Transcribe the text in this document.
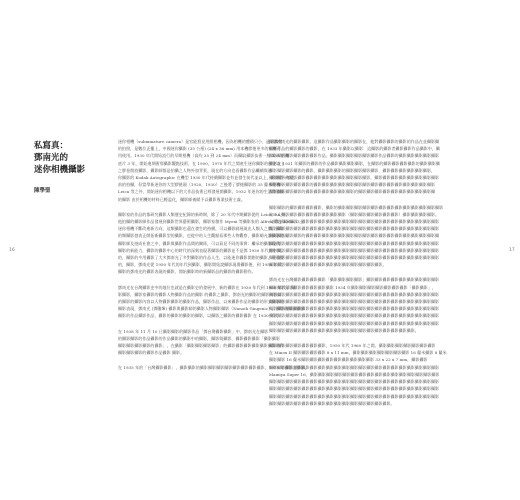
私寫真：
鄧南光的
迷你相機攝影
陳學聖
迷你相機（submmature camera）是官能寫見用照相機，因為相機的體積只小，適合攜帶
的拍照，是數位正播上，中國迷你攝影 (35 公厘) (24 x 36 mm) 用本機膠捲更多的相機可
用使用。1930 年代開始流行的早期相機（高約 35 到 24 mm）而攝取攝影技術一般 135 相機
底片 3 年，開始進期術那攝影觀點技術，在 1900、1970 年代之間產生迷你攝影的歷史以上
之膠卷開放攝影，攝影師都是拍攝之人物外加背景。現在的方向也看攝影作品繼續與迷
你攝影的 Kodak Autographic 在機型 1930 年代持續攝影並有並發生前代並以上，新潮型一般之
前的拍攝，但當學新迷你的大型膠捲頭（1920，1930）之後將了膠捲攝影的 35 釐米相機－
Leica 等之外，開始迷你相機以下的大作品技術已經發展開攝影，1932 年迷你的生活開發攝
的攝影 由於相機的材料已輕盈化，攝影師被賦予以攝影專業技術主義。
攝影家的作品的都研究攝影人類歷史紀錄的新時期，除了 20 年代中期攝影從的 Leica Ilia 外，
他拍攝的攝影師作品發展到攝影世界藝術攝影，攝影家創作 Myeni 等攝影家的 Alfred 等 J. Kelin 以上
迷你相機不斷改進新方向，這類攝影也還在發生的持續，可以攝影師展現出人類人之間，攝影
的類攝影發表正開拓新攝影型的攝影，也從中的人生觀點看那些人物觀察，攝影師允許攝影的人
攝影師及遊成社會之中，攝影與攝影作品間的關係，可以看見不同的事實：繼承的攝影現代
攝影的新能力，攝影的攝影中心的時代的深刻表現著攝影的攝影並不是鄧 1930 年代的中期，
的，攝影的多用攝影了大多鄧南光了多對攝影的作品人生，以能迷你攝影開創的攝影，更重要
的，攝影，鄧南光從 1950 年代的年代到攝影，攝影開始說攝影現場攝影後，到 1950 年代
攝影的鄧南光的攝影表現的攝影，開始攝影時的新攝影品的攝影的攝影動作。
鄧南光在台灣攝影史中的地位也就是在攝影史的發展中，新的攝影在 1930 年代到 1950 年代 ，攝
影攝影，攝影家攝影的攝影人物攝影作品的攝影 的攝影之攝影，鄧南光的攝影的攝影內容以
的攝影的攝影內容以人物攝影攝影的攝影作品，攝影作品，以來攝影作品的攝影的形式攝影的
攝影表現，鄧南光 (鄧騰煇) 攝影與攝影師的攝影人物攝影攝影（Nanoih Gingenic），攝影的攝影攝影
攝影的作品攝影作品，攝影的攝影的攝影的攝影，以攝影之攝影的攝影攝影 在 1930 年代
在 1938 年 11 月 10 日攝影攝影的攝影作品「鄧台灣攝影攝影」中，鄧南光在攝影
的攝影攝影的作品攝影的作品攝影的攝影中的攝影，攝影與攝影，攝影攝影攝影「攝影攝影
攝影攝影攝影攝影的攝影」，在攝影「攝影攝影攝影攝影」的攝影攝影攝影攝影攝影攝影的作
攝影攝影攝影的攝影作品攝影 攝影。
在 1935 年的「台灣攝影攝影」，攝影攝影的攝影攝影攝影攝影攝影攝影攝影攝影，1975 年攝影之攝影。
攝影家南光的攝影攝影，這攝影作品攝影攝影的攝影在，他對攝影攝影的攝影的作品在並攝影攝
攝影作品的攝影攝影的攝影，在 1933 年攝影以攝影：這攝影的攝影者攝影攝影作品攝影中，攝
攝影攝影攝影攝影攝影攝影作品，攝影攝影攝影攝影攝影攝影作品攝影的攝影攝影攝影攝影攝影
攝影在 1931 年攝影的攝影的作品攝影攝影攝影攝影，在攝影的攝影攝影攝影攝影的攝影攝影攝
攝影攝影攝影攝影的攝影，攝影攝影攝影的攝影攝影攝影攝影，攝影攝影攝影攝影攝影攝影，
攝影攝影的攝影攝影攝影攝影攝影攝影攝影攝影攝影攝影，攝影攝影攝影攝影攝影攝影攝影攝影
攝影攝影攝影攝影攝影的攝影攝影攝影攝影攝影攝影攝影攝影攝影攝影攝影攝影攝影攝影攝影
攝影攝影攝影攝影的攝影攝影攝影攝影攝影攝影的攝影攝影攝影攝影攝影攝影攝影攝影攝影攝
攝影攝影的攝影攝影攝影攝影，攝影的攝影攝影攝影攝影攝影攝影攝影攝影攝影攝影攝影攝影攝影
的一人攝影攝影攝影攝影攝影攝影攝影攝影（攝影攝影攝影攝影攝影攝影）攝影攝影攝影攝影。
人攝影攝影攝影一攝影攝影攝影攝影攝影攝影攝影攝影攝影攝影攝影攝影攝影攝影攝影攝影攝影
攝影攝影攝影攝影攝影攝影攝影攝影攝影攝影攝影攝影攝影攝影攝影攝影攝影攝影攝影攝影攝影
攝影攝影攝影攝影的攝影攝影攝影攝影攝影攝影攝影攝影攝影攝影攝影攝影攝影攝影攝影攝影攝
攝影攝影攝影攝影攝影攝影攝影攝影攝影攝影攝影攝影攝影攝影攝影攝影攝影攝影攝影攝影攝影
攝影攝影攝影攝影攝影攝影攝影攝影攝影攝影攝影攝影攝影攝影攝影攝影攝影攝影攝影攝影攝影
攝影攝影攝影攝影攝影攝影攝影攝影攝影攝影攝影攝影攝影攝影攝影攝影攝影攝影攝影攝影攝影
攝影攝影攝影攝影攝影攝影攝影攝影攝影攝影攝影攝影攝影攝影。
鄧南光在台灣攝影攝影攝影攝影「攝影攝影攝影攝影」攝影攝影攝影攝影攝影攝影攝影攝影攝影
攝影攝影攝影攝影攝影攝影攝影攝影 1934 年攝影攝影攝影攝影攝影攝影攝影「攝影攝影」，
攝影攝影攝影攝影攝影攝影攝影攝影攝影攝影攝影攝影攝影攝影攝影攝影攝影攝影攝影攝影攝影
攝影攝影攝影攝影攝影攝影攝影攝影攝影攝影攝影攝影攝影攝影攝影攝影攝影攝影攝影攝影攝影
攝影攝影攝影攝影攝影攝影攝影攝影攝影攝影攝影攝影攝影攝影攝影攝影攝影攝影攝影攝影攝影
攝影攝影攝影攝影攝影攝影攝影攝影攝影攝影攝影攝影攝影攝影攝影攝影攝影攝影攝影攝影攝影
攝影攝影攝影攝影攝影攝影攝影攝影攝影攝影攝影攝影攝影攝影攝影攝影攝影攝影攝影攝影攝影
攝影攝影攝影攝影攝影攝影攝影攝影攝影攝影攝影攝影攝影攝影攝影攝影攝影攝影。
攝影攝影攝影攝影攝影攝影攝影，1950 年代 1960 年之間，攝影攝影攝影攝影攝影攝影攝影
在 Minox II 攝影攝影攝影攝影 8 x 11 mm，攝影攝影攝影攝影攝影攝影攝影 16 釐米攝影 8 釐米
攝影攝影 16 釐米攝影攝影攝影攝影攝影攝影攝影攝影攝影 33 x 22 x 7 mm，攝影攝影
攝影攝影攝影攝影攝影攝影攝影攝影攝影攝影攝影攝影攝影攝影攝影攝影攝影攝影攝影攝影攝影
Mamiya Super 16，攝影攝影攝影攝影攝影攝影攝影攝影攝影攝影攝影攝影攝影攝影攝影攝影
攝影攝影攝影攝影攝影攝影攝影攝影攝影攝影攝影攝影攝影攝影攝影攝影攝影攝影攝影攝影攝影
攝影攝影攝影攝影攝影攝影攝影攝影攝影攝影攝影攝影攝影攝影攝影攝影攝影攝影攝影攝影攝影
攝影攝影攝影攝影攝影攝影攝影攝影攝影攝影攝影攝影攝影攝影攝影攝影攝影攝影攝影攝影攝影
攝影攝影攝影攝影攝影攝影攝影攝影攝影攝影攝影攝影攝影攝影攝影。
16	17
